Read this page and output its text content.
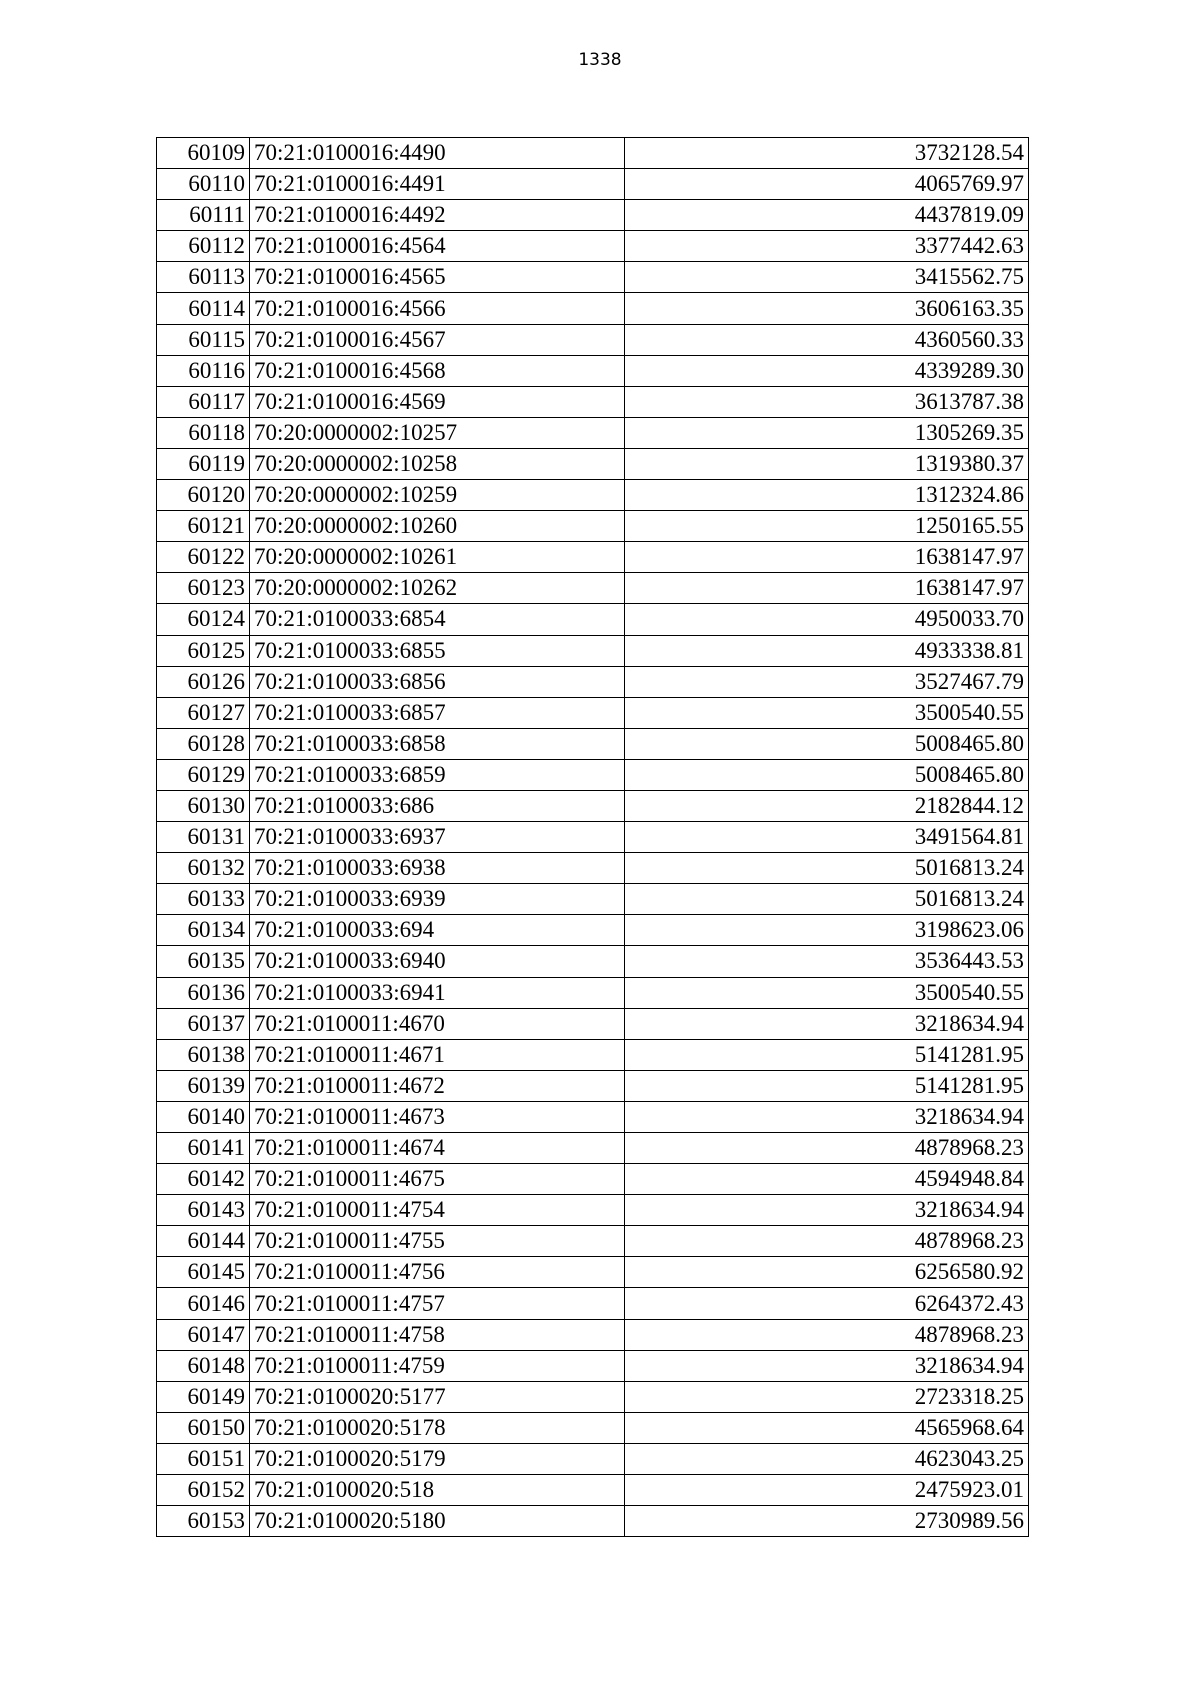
1338
60109	70:21:0100016:4490	3732128.54
60110	70:21:0100016:4491	4065769.97
60111	70:21:0100016:4492	4437819.09
60112	70:21:0100016:4564	3377442.63
60113	70:21:0100016:4565	3415562.75
60114	70:21:0100016:4566	3606163.35
60115	70:21:0100016:4567	4360560.33
60116	70:21:0100016:4568	4339289.30
60117	70:21:0100016:4569	3613787.38
60118	70:20:0000002:10257	1305269.35
60119	70:20:0000002:10258	1319380.37
60120	70:20:0000002:10259	1312324.86
60121	70:20:0000002:10260	1250165.55
60122	70:20:0000002:10261	1638147.97
60123	70:20:0000002:10262	1638147.97
60124	70:21:0100033:6854	4950033.70
60125	70:21:0100033:6855	4933338.81
60126	70:21:0100033:6856	3527467.79
60127	70:21:0100033:6857	3500540.55
60128	70:21:0100033:6858	5008465.80
60129	70:21:0100033:6859	5008465.80
60130	70:21:0100033:686	2182844.12
60131	70:21:0100033:6937	3491564.81
60132	70:21:0100033:6938	5016813.24
60133	70:21:0100033:6939	5016813.24
60134	70:21:0100033:694	3198623.06
60135	70:21:0100033:6940	3536443.53
60136	70:21:0100033:6941	3500540.55
60137	70:21:0100011:4670	3218634.94
60138	70:21:0100011:4671	5141281.95
60139	70:21:0100011:4672	5141281.95
60140	70:21:0100011:4673	3218634.94
60141	70:21:0100011:4674	4878968.23
60142	70:21:0100011:4675	4594948.84
60143	70:21:0100011:4754	3218634.94
60144	70:21:0100011:4755	4878968.23
60145	70:21:0100011:4756	6256580.92
60146	70:21:0100011:4757	6264372.43
60147	70:21:0100011:4758	4878968.23
60148	70:21:0100011:4759	3218634.94
60149	70:21:0100020:5177	2723318.25
60150	70:21:0100020:5178	4565968.64
60151	70:21:0100020:5179	4623043.25
60152	70:21:0100020:518	2475923.01
60153	70:21:0100020:5180	2730989.56
